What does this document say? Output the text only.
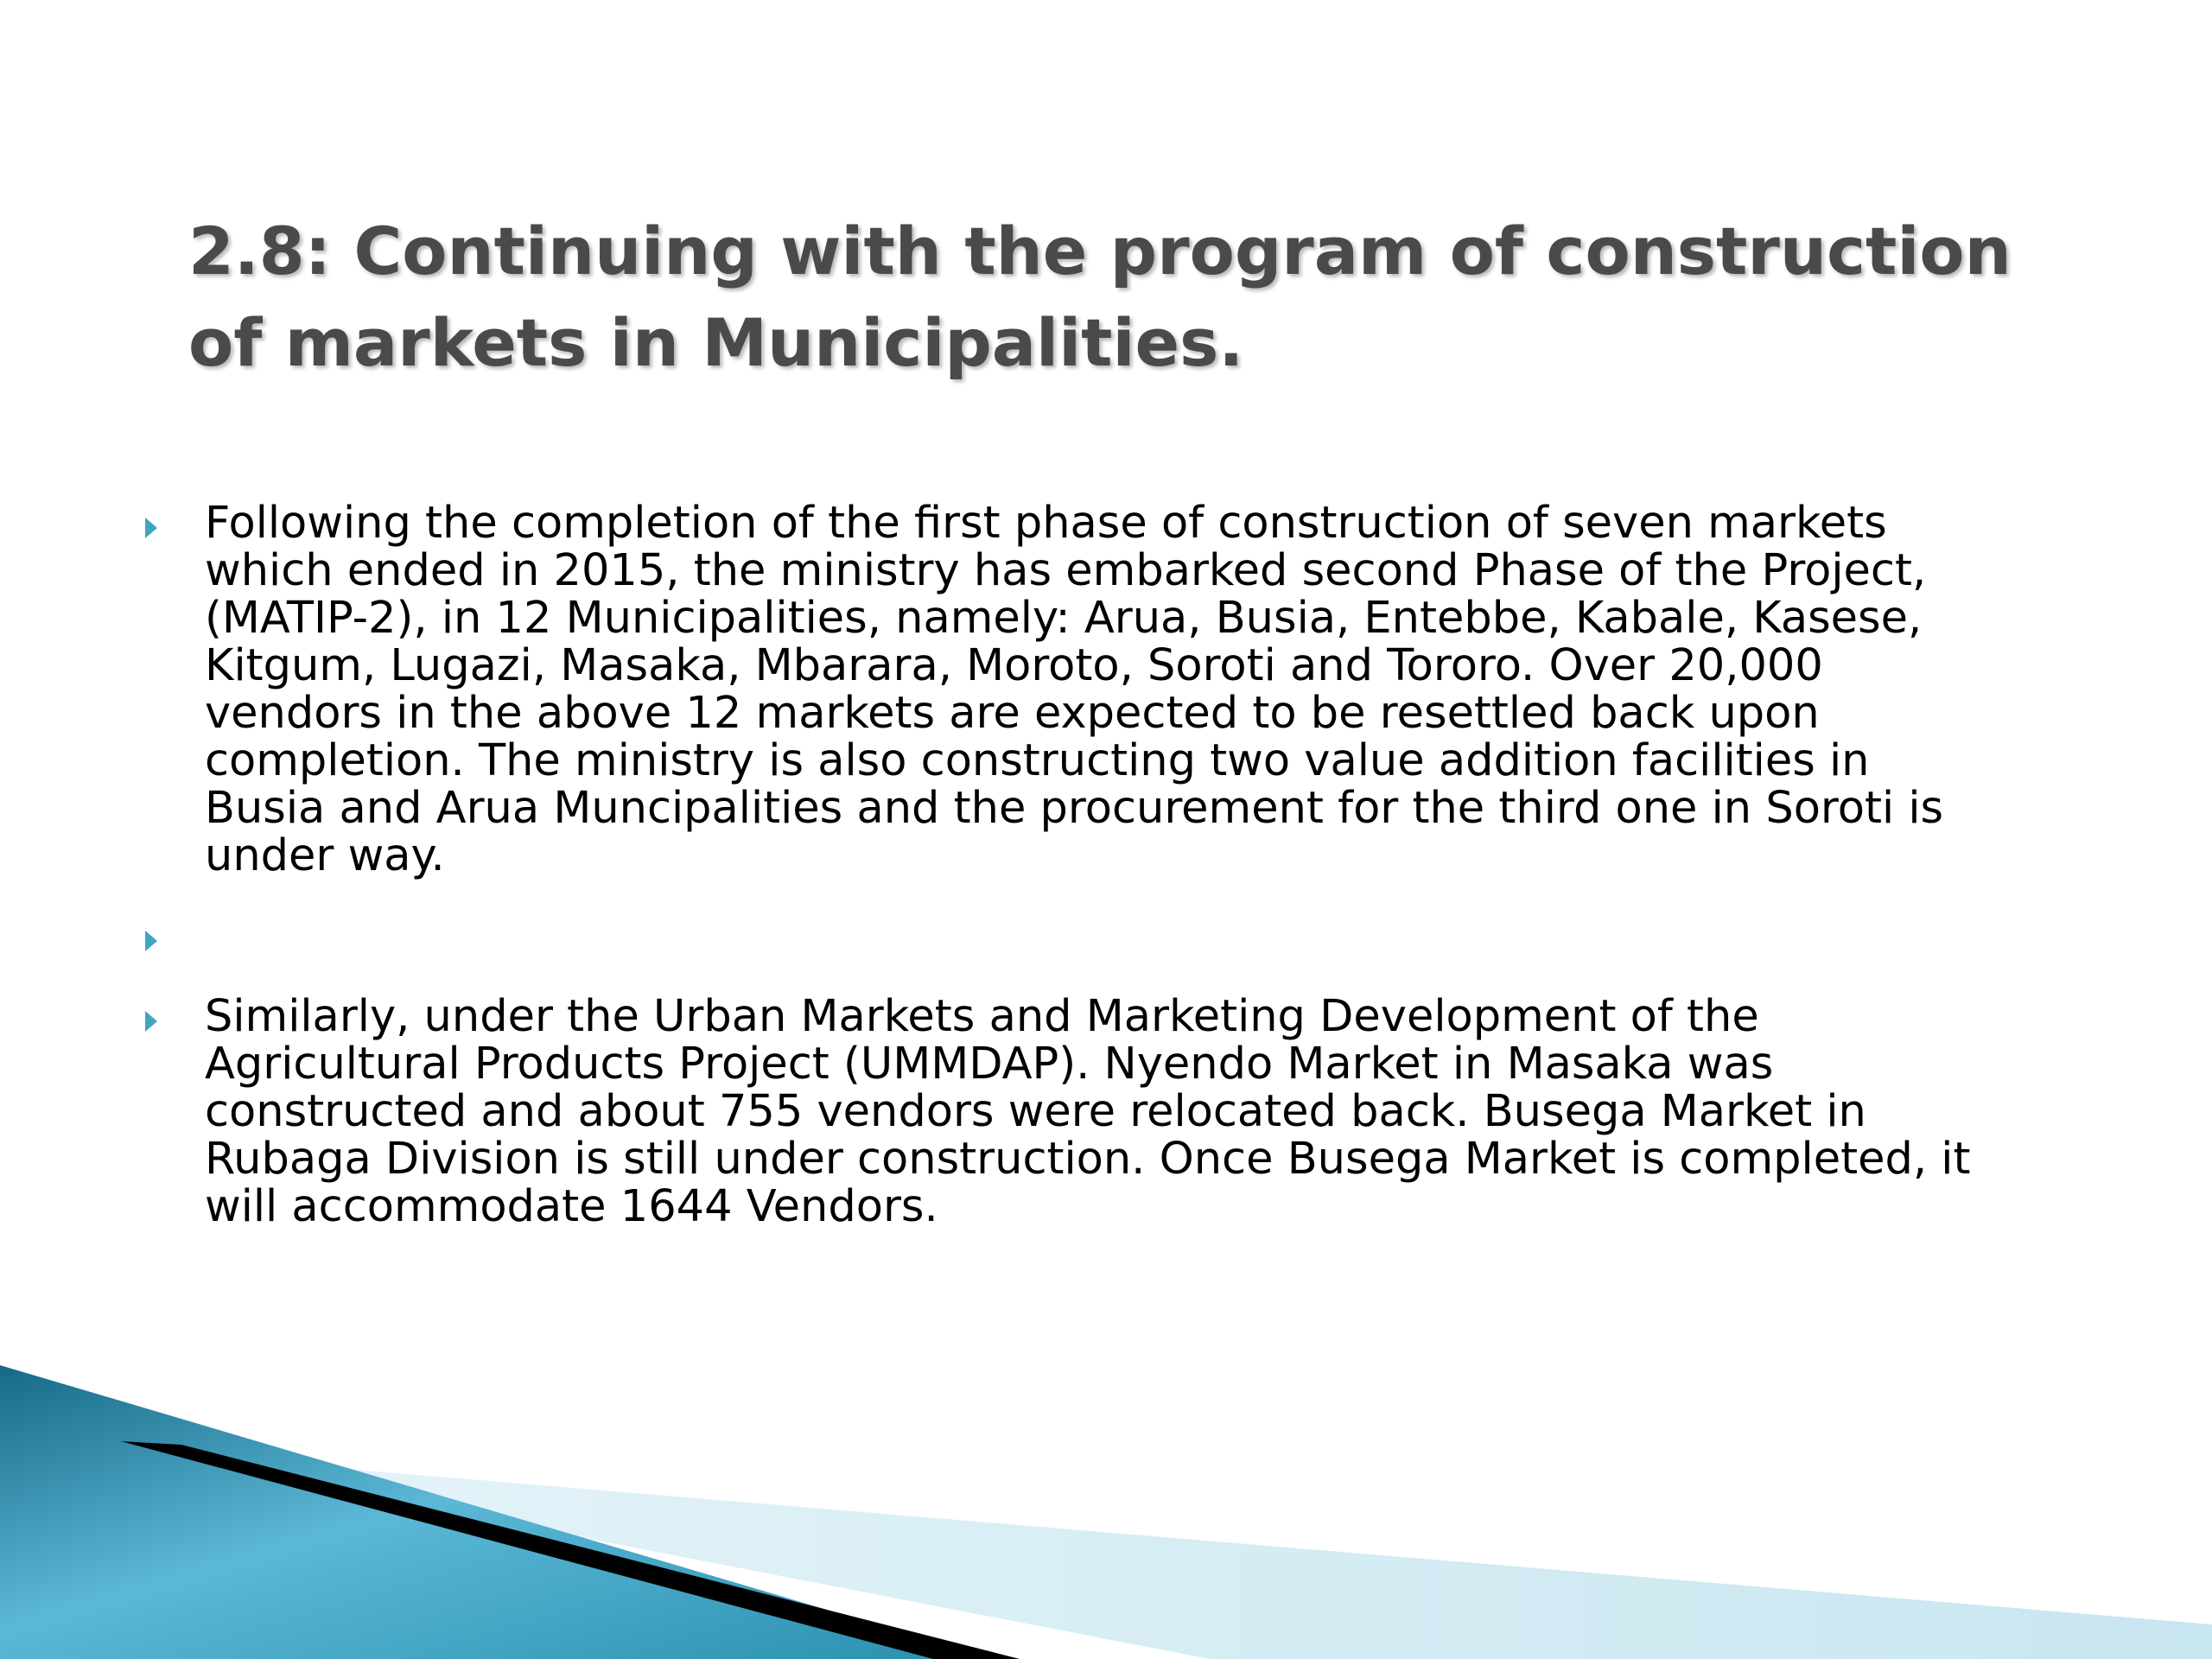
2.8: Continuing with the program of construction
of markets in Municipalities.
Following the completion of the first phase of construction of seven markets
which ended in 2015, the ministry has embarked second Phase of the Project,
(MATIP-2), in 12 Municipalities, namely: Arua, Busia, Entebbe, Kabale, Kasese,
Kitgum, Lugazi, Masaka, Mbarara, Moroto, Soroti and Tororo. Over 20,000
vendors in the above 12 markets are expected to be resettled back upon
completion. The ministry is also constructing two value addition facilities in
Busia and Arua Muncipalities and the procurement for the third one in Soroti is
under way.
Similarly, under the Urban Markets and Marketing Development of the
Agricultural Products Project (UMMDAP). Nyendo Market in Masaka was
constructed and about 755 vendors were relocated back. Busega Market in
Rubaga Division is still under construction. Once Busega Market is completed, it
will accommodate 1644 Vendors.
